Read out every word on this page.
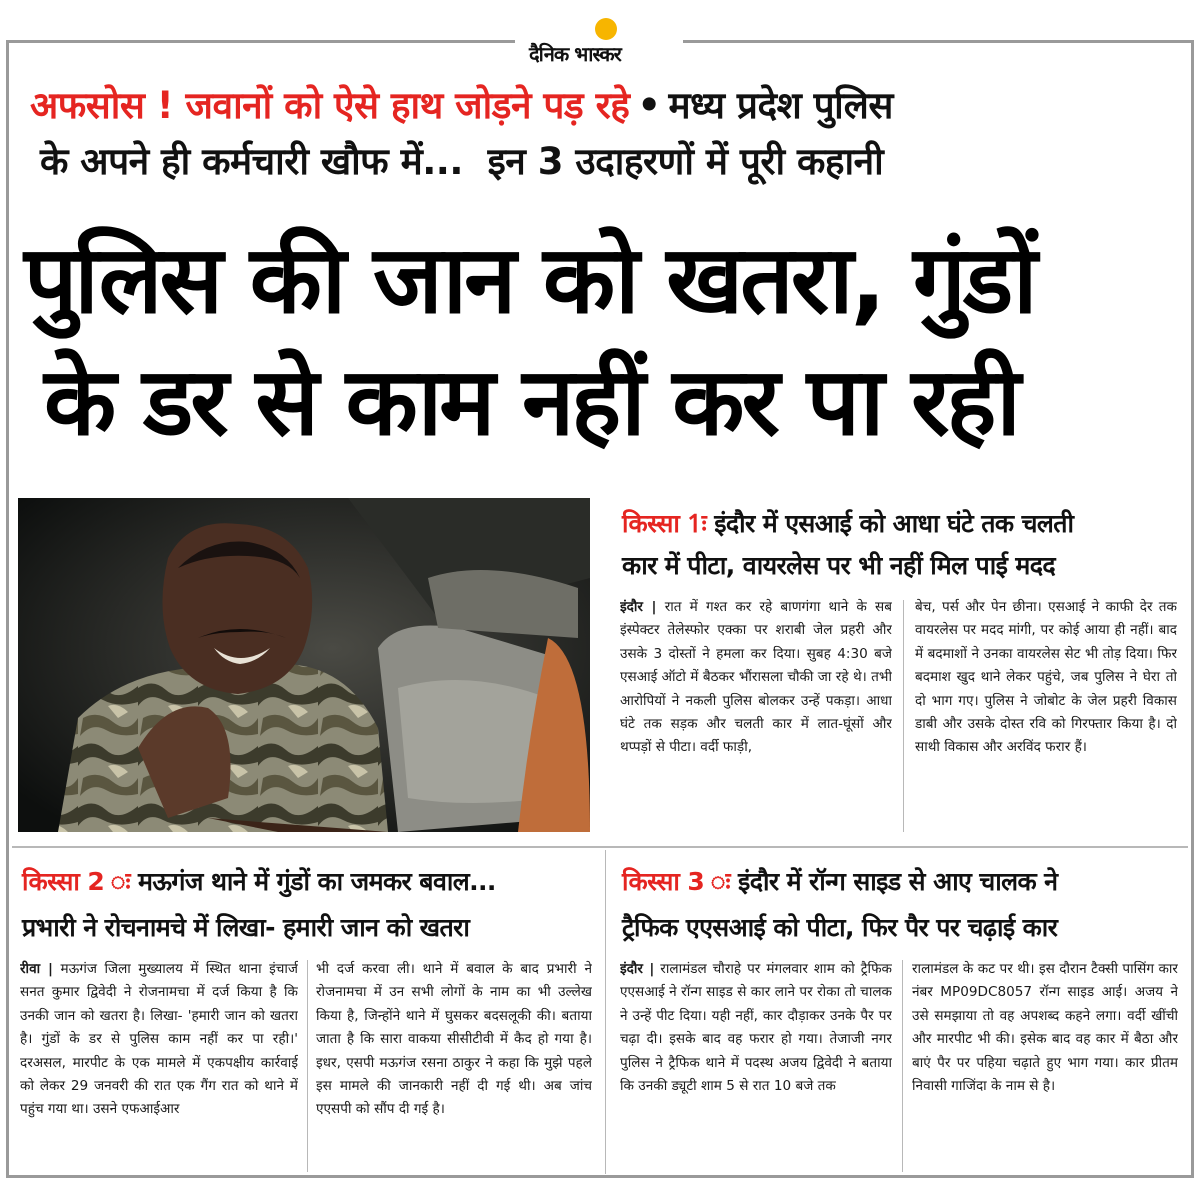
दैनिक भास्कर
अफसोस ! जवानों को ऐसे हाथ जोड़ने पड़ रहे • मध्य प्रदेश पुलिस
के अपने ही कर्मचारी खौफ में...  इन 3 उदाहरणों में पूरी कहानी
पुलिस की जान को खतरा, गुंडों
के डर से काम नहीं कर पा रही
किस्सा 1ः इंदौर में एसआई को आधा घंटे तक चलती
कार में पीटा, वायरलेस पर भी नहीं मिल पाई मदद
इंदौर | रात में गश्त कर रहे बाणगंगा थाने के सब इंस्पेक्टर तेलेस्फोर एक्का पर शराबी जेल प्रहरी और उसके 3 दोस्तों ने हमला कर दिया। सुबह 4:30 बजे एसआई ऑटो में बैठकर भौंरासला चौकी जा रहे थे। तभी आरोपियों ने नकली पुलिस बोलकर उन्हें पकड़ा। आधा घंटे तक सड़क और चलती कार में लात-घूंसों और थप्पड़ों से पीटा। वर्दी फाड़ी,
बेच, पर्स और पेन छीना। एसआई ने काफी देर तक वायरलेस पर मदद मांगी, पर कोई आया ही नहीं। बाद में बदमाशों ने उनका वायरलेस सेट भी तोड़ दिया। फिर बदमाश खुद थाने लेकर पहुंचे, जब पुलिस ने घेरा तो दो भाग गए। पुलिस ने जोबोट के जेल प्रहरी विकास डाबी और उसके दोस्त रवि को गिरफ्तार किया है। दो साथी विकास और अरविंद फरार हैं।
किस्सा 2 ः मऊगंज थाने में गुंडों का जमकर बवाल...
प्रभारी ने रोचनामचे में लिखा- हमारी जान को खतरा
रीवा | मऊगंज जिला मुख्यालय में स्थित थाना इंचार्ज सनत कुमार द्विवेदी ने रोजनामचा में दर्ज किया है कि उनकी जान को खतरा है। लिखा- 'हमारी जान को खतरा है। गुंडों के डर से पुलिस काम नहीं कर पा रही।' दरअसल, मारपीट के एक मामले में एकपक्षीय कार्रवाई को लेकर 29 जनवरी की रात एक गैंग रात को थाने में पहुंच गया था। उसने एफआईआर
भी दर्ज करवा ली। थाने में बवाल के बाद प्रभारी ने रोजनामचा में उन सभी लोगों के नाम का भी उल्लेख किया है, जिन्होंने थाने में घुसकर बदसलूकी की। बताया जाता है कि सारा वाकया सीसीटीवी में कैद हो गया है। इधर, एसपी मऊगंज रसना ठाकुर ने कहा कि मुझे पहले इस मामले की जानकारी नहीं दी गई थी। अब जांच एएसपी को सौंप दी गई है।
किस्सा 3 ः इंदौर में रॉन्ग साइड से आए चालक ने
ट्रैफिक एएसआई को पीटा, फिर पैर पर चढ़ाई कार
इंदौर | रालामंडल चौराहे पर मंगलवार शाम को ट्रैफिक एएसआई ने रॉन्ग साइड से कार लाने पर रोका तो चालक ने उन्हें पीट दिया। यही नहीं, कार दौड़ाकर उनके पैर पर चढ़ा दी। इसके बाद वह फरार हो गया। तेजाजी नगर पुलिस ने ट्रैफिक थाने में पदस्थ अजय द्विवेदी ने बताया कि उनकी ड्यूटी शाम 5 से रात 10 बजे तक
रालामंडल के कट पर थी। इस दौरान टैक्सी पासिंग कार नंबर MP09DC8057 रॉन्ग साइड आई। अजय ने उसे समझाया तो वह अपशब्द कहने लगा। वर्दी खींची और मारपीट भी की। इसेक बाद वह कार में बैठा और बाएं पैर पर पहिया चढ़ाते हुए भाग गया। कार प्रीतम निवासी गाजिंदा के नाम से है।
